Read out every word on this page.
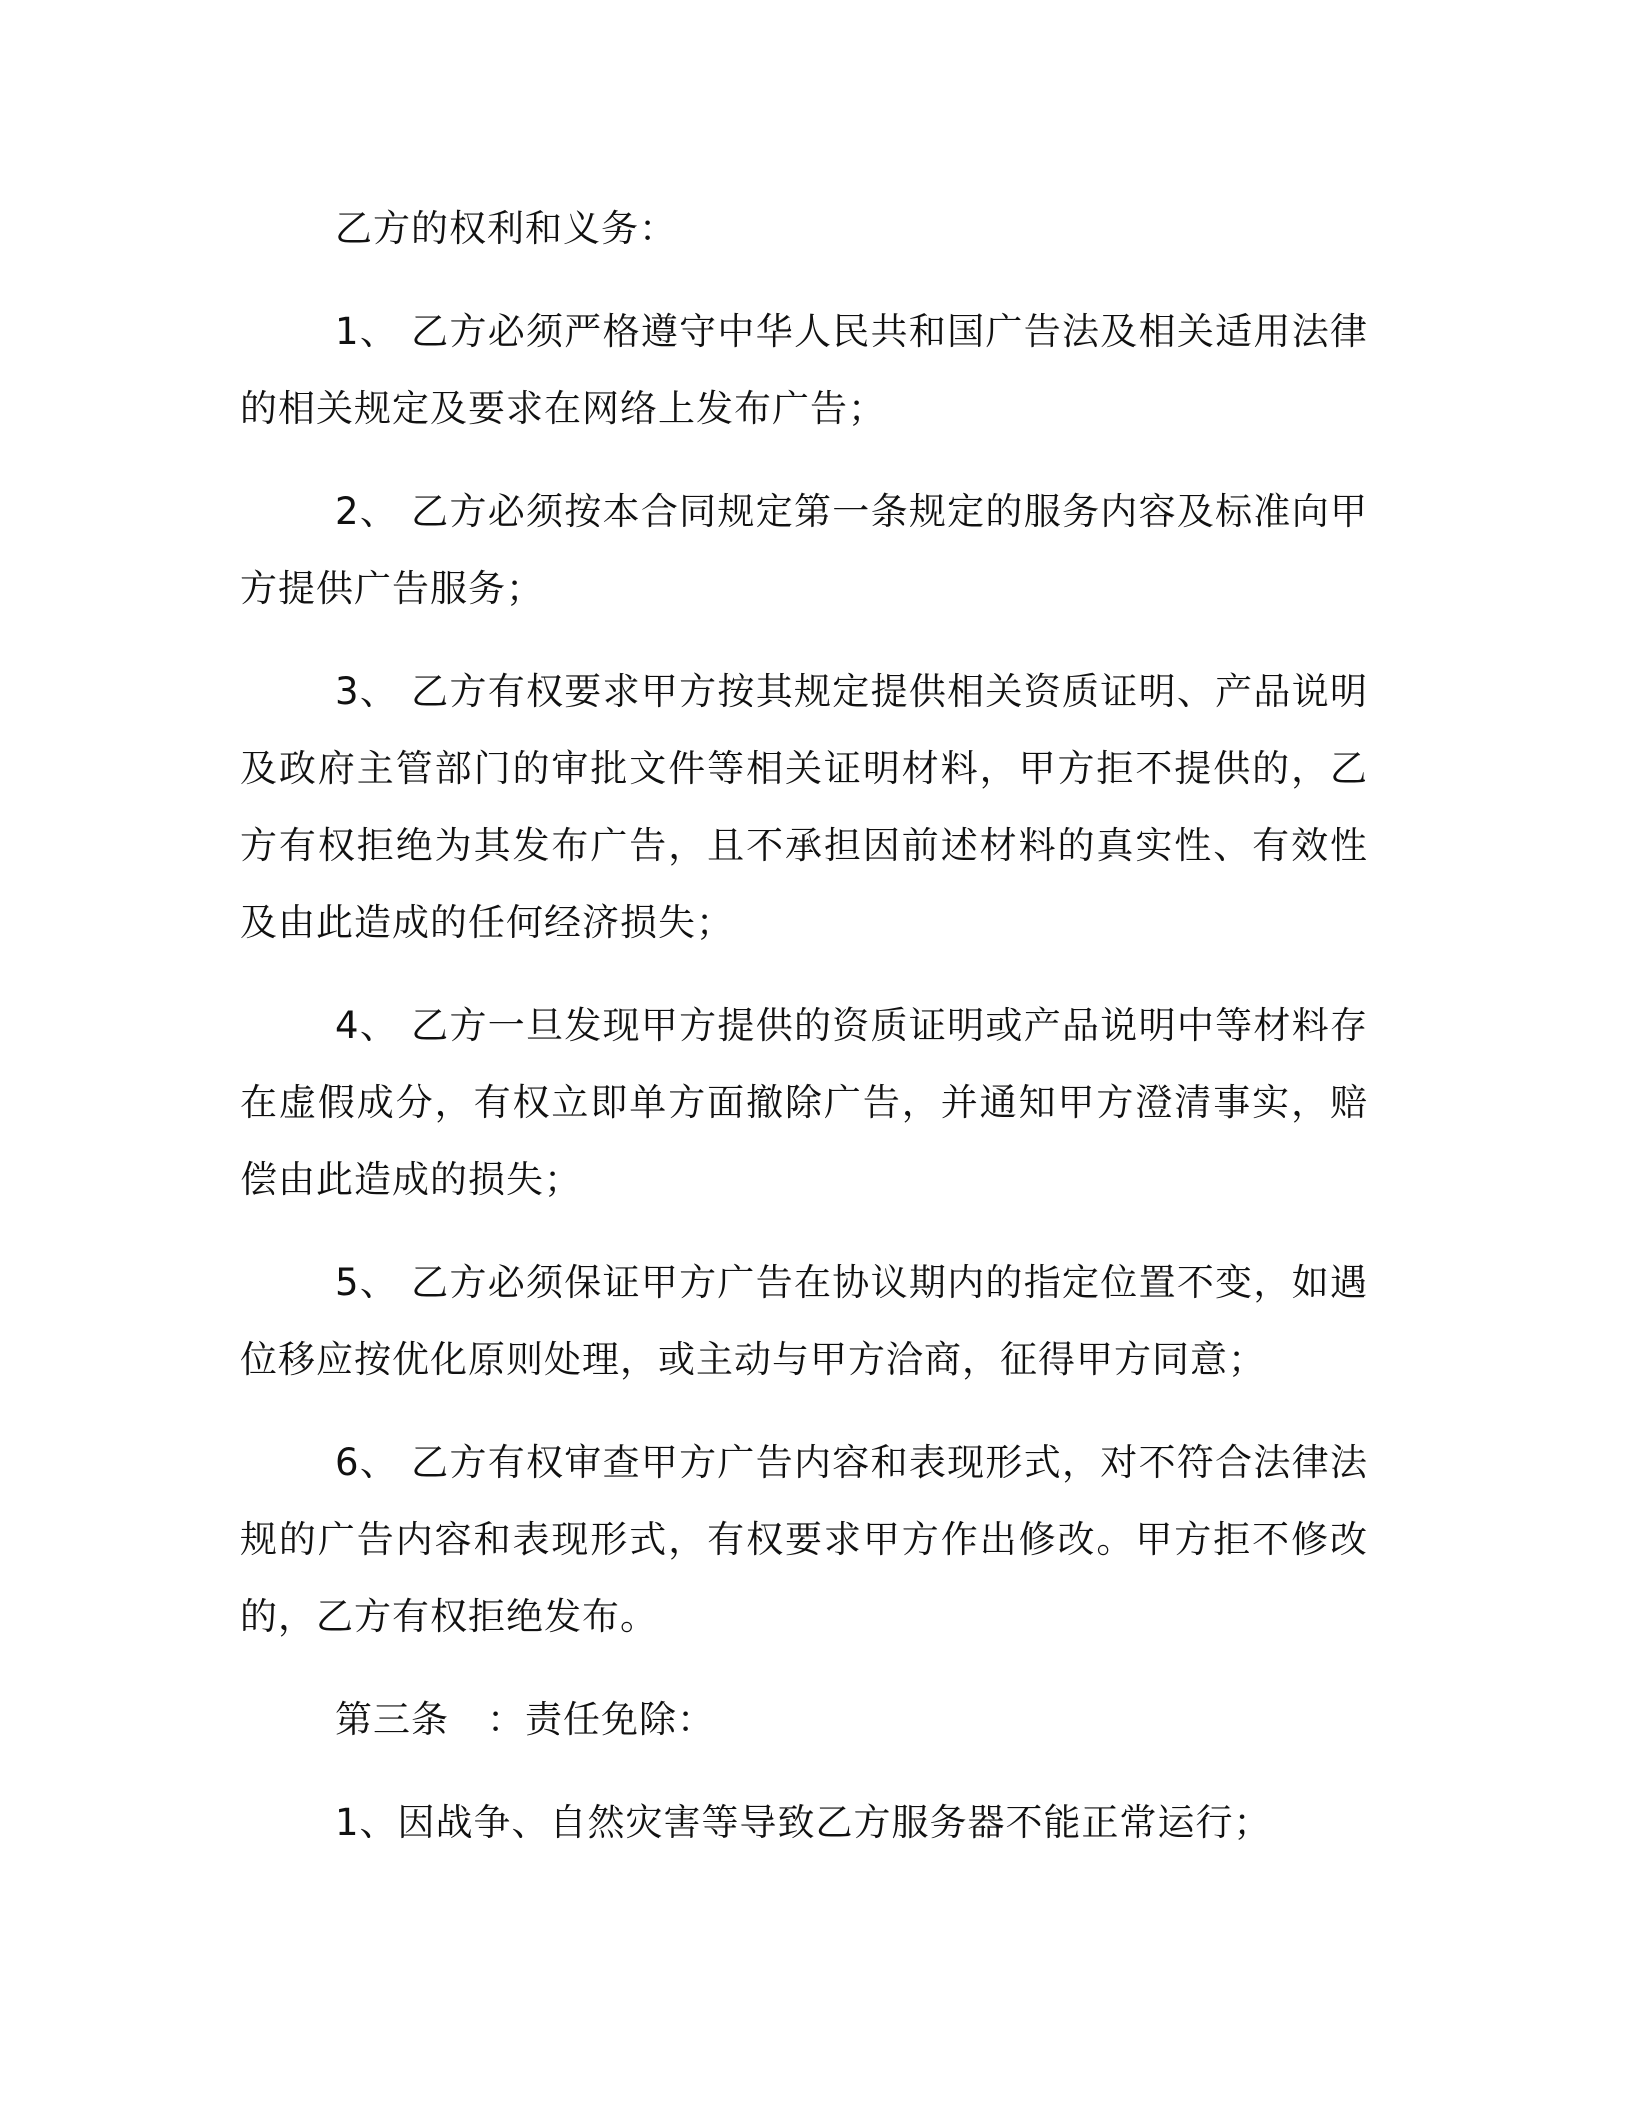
乙方的权利和义务：

1、 乙方必须严格遵守中华人民共和国广告法及相关适用法律的相关规定及要求在网络上发布广告；

2、 乙方必须按本合同规定第一条规定的服务内容及标准向甲方提供广告服务；

3、 乙方有权要求甲方按其规定提供相关资质证明、产品说明及政府主管部门的审批文件等相关证明材料，甲方拒不提供的，乙方有权拒绝为其发布广告，且不承担因前述材料的真实性、有效性及由此造成的任何经济损失；

4、 乙方一旦发现甲方提供的资质证明或产品说明中等材料存在虚假成分，有权立即单方面撤除广告，并通知甲方澄清事实，赔偿由此造成的损失；

5、 乙方必须保证甲方广告在协议期内的指定位置不变，如遇位移应按优化原则处理，或主动与甲方洽商，征得甲方同意；

6、 乙方有权审查甲方广告内容和表现形式，对不符合法律法规的广告内容和表现形式，有权要求甲方作出修改。甲方拒不修改的，乙方有权拒绝发布。

第三条　：责任免除：

1、因战争、自然灾害等导致乙方服务器不能正常运行；
